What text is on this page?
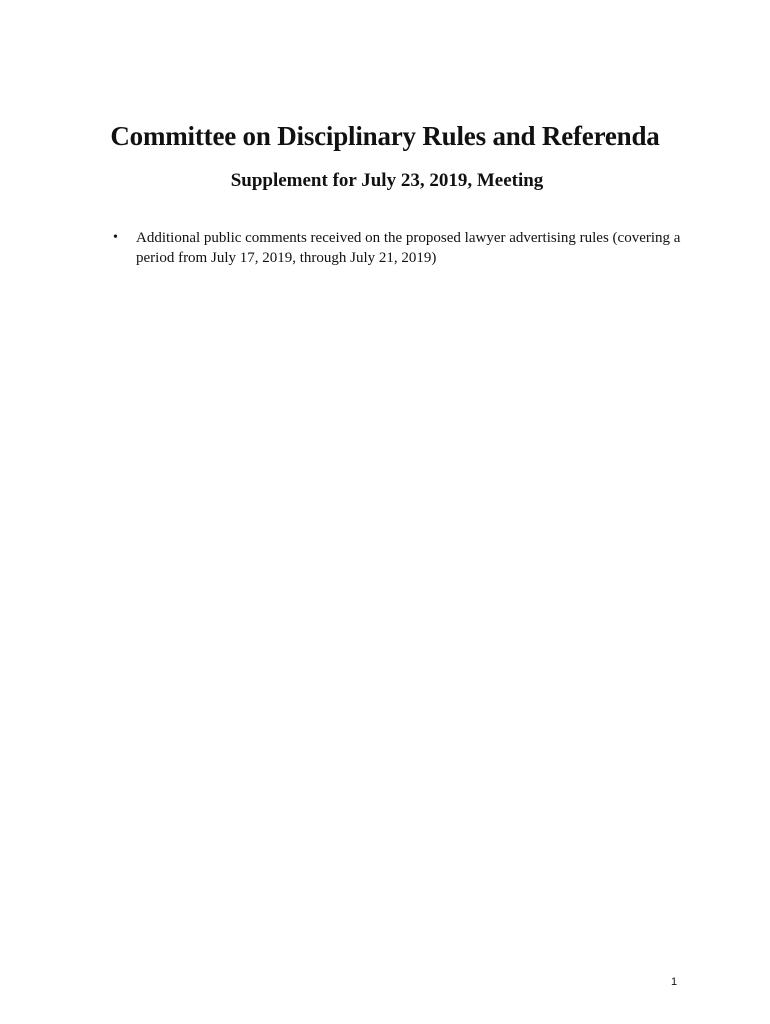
Committee on Disciplinary Rules and Referenda
Supplement for July 23, 2019, Meeting
• Additional public comments received on the proposed lawyer advertising rules (covering a period from July 17, 2019, through July 21, 2019)
1
